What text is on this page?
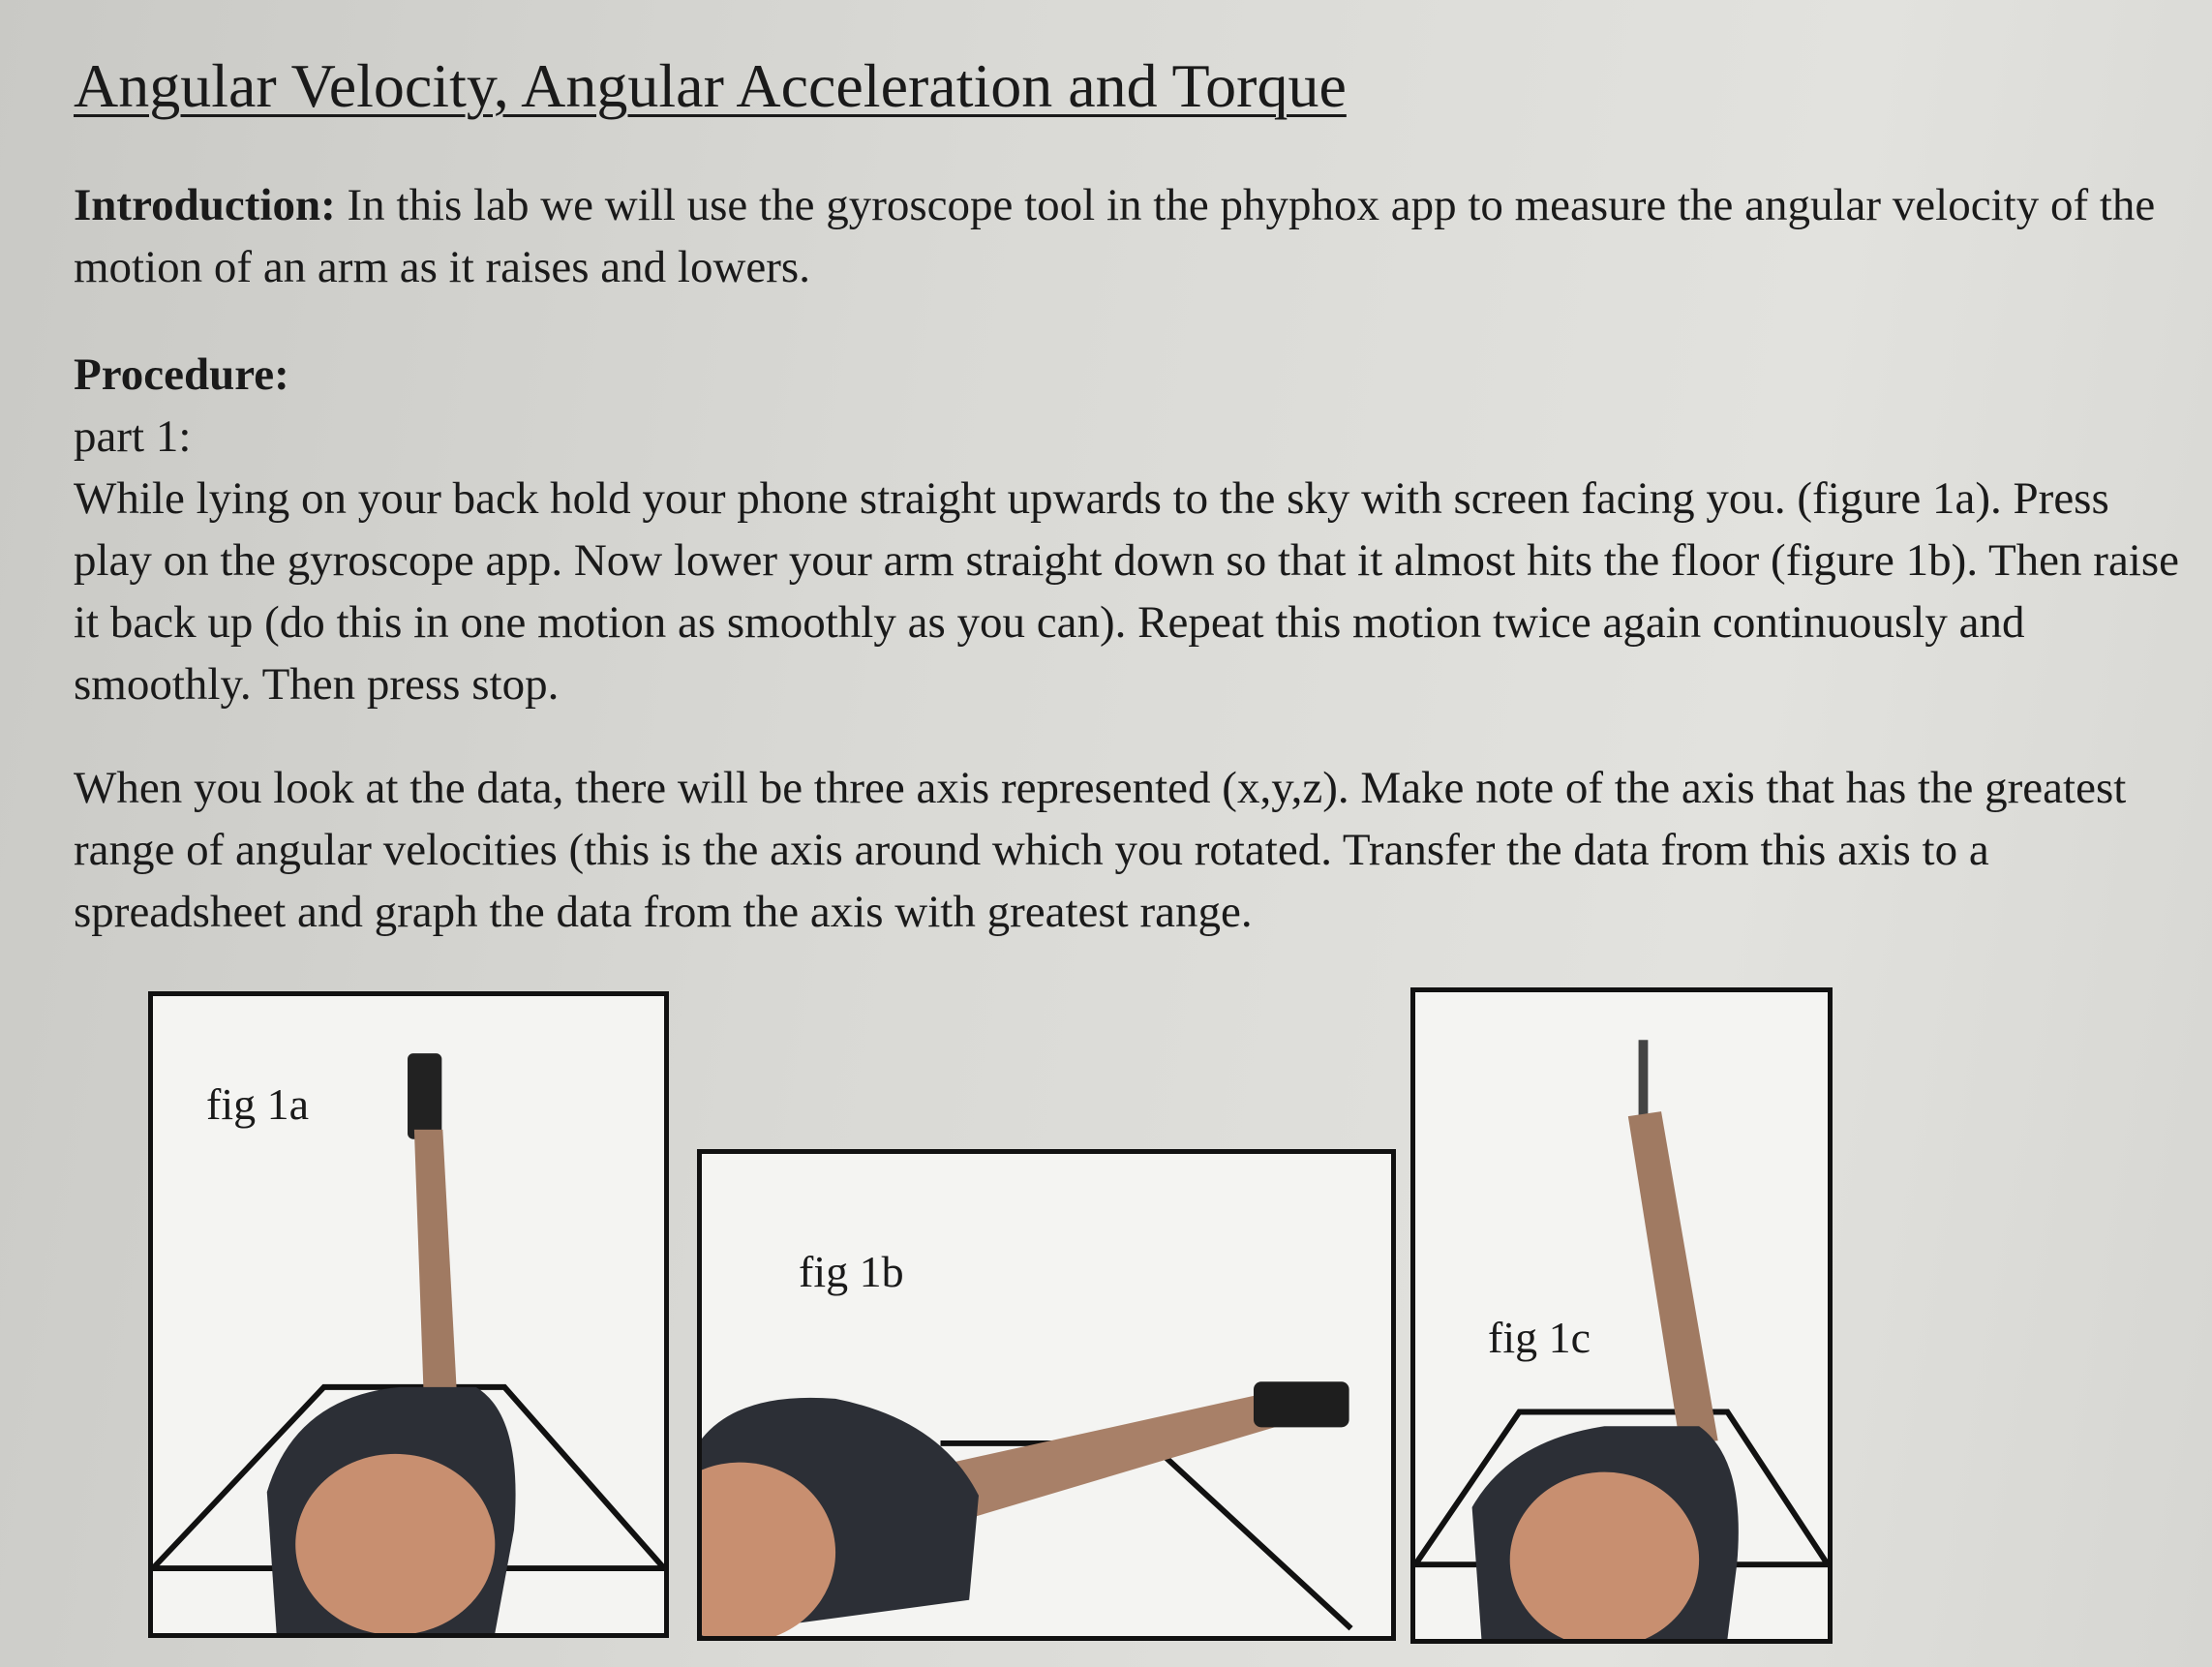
Angular Velocity, Angular Acceleration and Torque
Introduction: In this lab we will use the gyroscope tool in the phyphox app to measure the angular velocity of the motion of an arm as it raises and lowers.
Procedure:
part 1:
While lying on your back hold your phone straight upwards to the sky with screen facing you. (figure 1a). Press play on the gyroscope app. Now lower your arm straight down so that it almost hits the floor (figure 1b). Then raise it back up (do this in one motion as smoothly as you can). Repeat this motion twice again continuously and smoothly. Then press stop.
When you look at the data, there will be three axis represented (x,y,z). Make note of the axis that has the greatest range of angular velocities (this is the axis around which you rotated. Transfer the data from this axis to a spreadsheet and graph the data from the axis with greatest range.
fig 1a
fig 1b
fig 1c
